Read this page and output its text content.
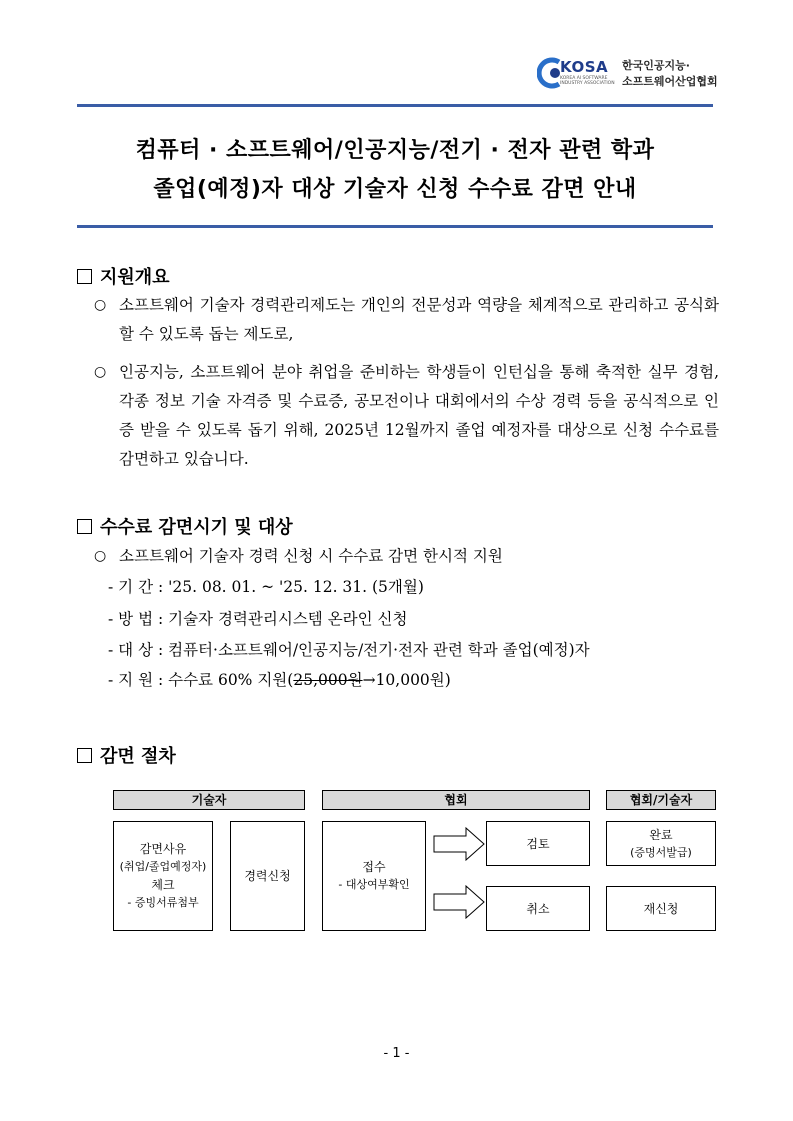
KOSA
KOREA AI SOFTWARE INDUSTRY ASSOCIATION
한국인공지능·
소프트웨어산업협회
컴퓨터 · 소프트웨어/인공지능/전기 · 전자 관련 학과
졸업(예정)자 대상 기술자 신청 수수료 감면 안내
지원개요
○ 소프트웨어 기술자 경력관리제도는 개인의 전문성과 역량을 체계적으로 관리하고 공식화할 수 있도록 돕는 제도로,
○ 인공지능, 소프트웨어 분야 취업을 준비하는 학생들이 인턴십을 통해 축적한 실무 경험, 각종 정보 기술 자격증 및 수료증, 공모전이나 대회에서의 수상 경력 등을 공식적으로 인증 받을 수 있도록 돕기 위해, 2025년 12월까지 졸업 예정자를 대상으로 신청 수수료를 감면하고 있습니다.
수수료 감면시기 및 대상
○ 소프트웨어 기술자 경력 신청 시 수수료 감면 한시적 지원
- 기 간 : '25. 08. 01. ~ '25. 12. 31. (5개월)
- 방 법 : 기술자 경력관리시스템 온라인 신청
- 대 상 : 컴퓨터·소프트웨어/인공지능/전기·전자 관련 학과 졸업(예정)자
- 지 원 : 수수료 60% 지원(25,000원→10,000원)
감면 절차
기술자	협회	협회/기술자
감면사유
(취업/졸업예정자)
체크
- 증빙서류첨부
경력신청
접수
- 대상여부확인
검토
취소
완료
(증명서발급)
재신청
- 1 -
